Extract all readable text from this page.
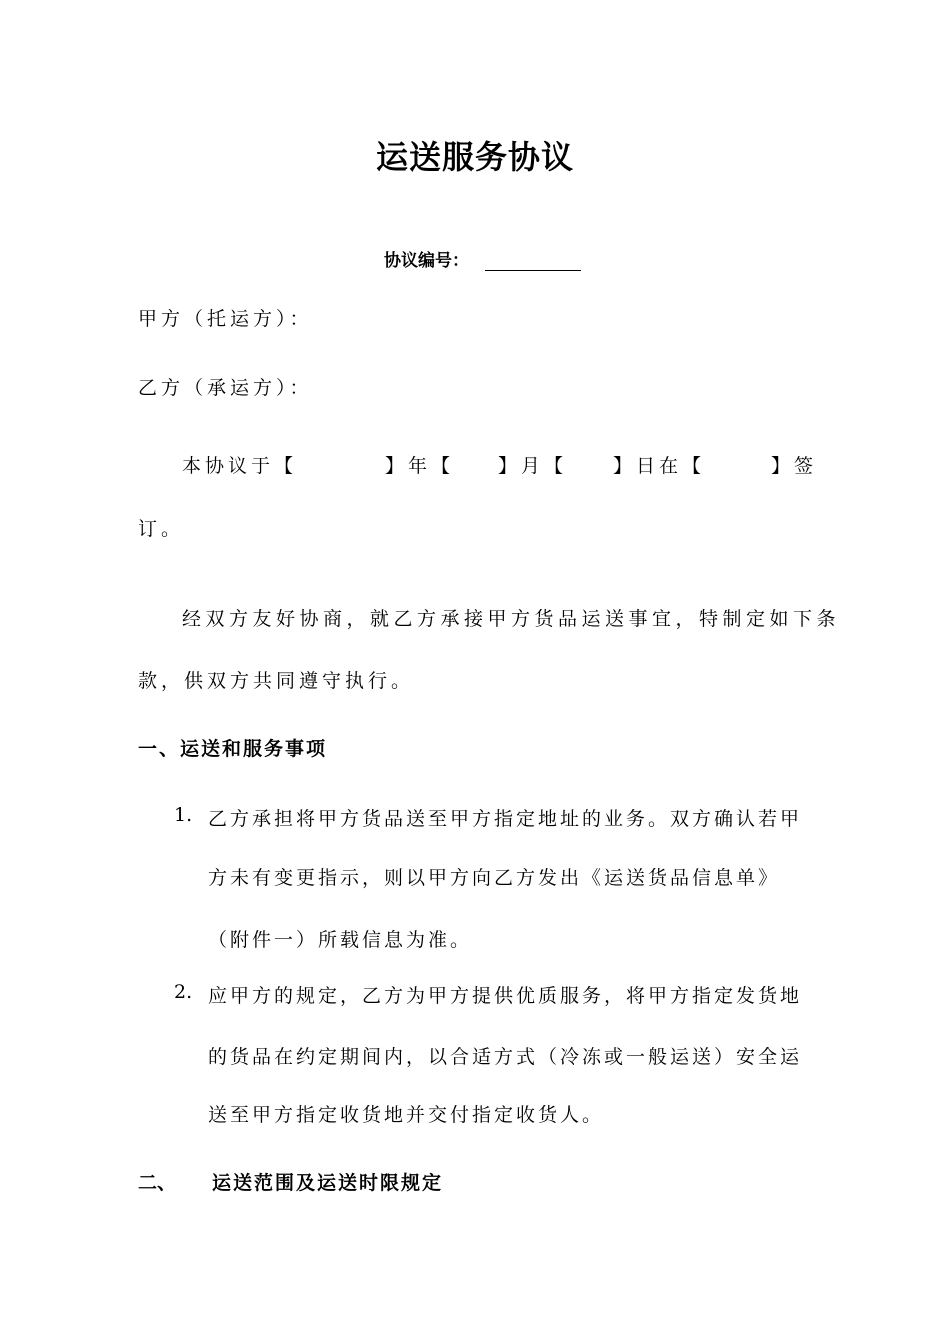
运送服务协议
协议编号：
甲方（托运方）：
乙方（承运方）：
本协议于【	】年【 】月【 】日在【	】签
订。
经双方友好协商，就乙方承接甲方货品运送事宜，特制定如下条
款，供双方共同遵守执行。
一、运送和服务事项
1. 乙方承担将甲方货品送至甲方指定地址的业务。双方确认若甲
方未有变更指示，则以甲方向乙方发出《运送货品信息单》
（附件一）所载信息为准。
2. 应甲方的规定，乙方为甲方提供优质服务，将甲方指定发货地
的货品在约定期间内，以合适方式（冷冻或一般运送）安全运
送至甲方指定收货地并交付指定收货人。
二、 运送范围及运送时限规定
